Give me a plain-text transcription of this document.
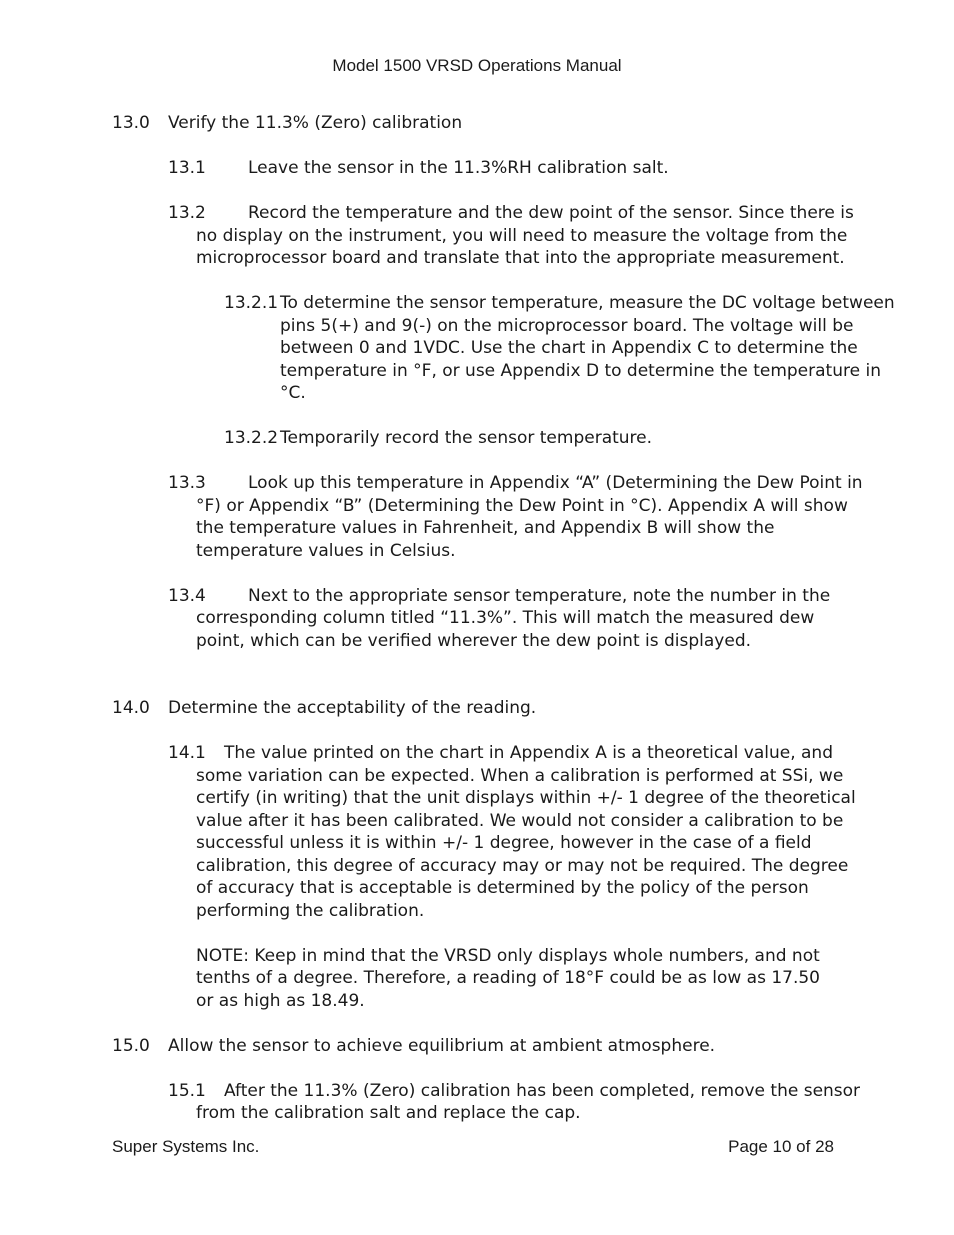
Model 1500 VRSD Operations Manual
13.0	Verify the 11.3% (Zero) calibration
13.1 Leave the sensor in the 11.3%RH calibration salt.
13.2 Record the temperature and the dew point of the sensor. Since there is no display on the instrument, you will need to measure the voltage from the microprocessor board and translate that into the appropriate measurement.
13.2.1 To determine the sensor temperature, measure the DC voltage between pins 5(+) and 9(-) on the microprocessor board. The voltage will be between 0 and 1VDC. Use the chart in Appendix C to determine the temperature in °F, or use Appendix D to determine the temperature in °C.
13.2.2 Temporarily record the sensor temperature.
13.3 Look up this temperature in Appendix “A” (Determining the Dew Point in °F) or Appendix “B” (Determining the Dew Point in °C). Appendix A will show the temperature values in Fahrenheit, and Appendix B will show the temperature values in Celsius.
13.4 Next to the appropriate sensor temperature, note the number in the corresponding column titled “11.3%”. This will match the measured dew point, which can be verified wherever the dew point is displayed.
14.0	Determine the acceptability of the reading.
14.1 The value printed on the chart in Appendix A is a theoretical value, and some variation can be expected. When a calibration is performed at SSi, we certify (in writing) that the unit displays within +/- 1 degree of the theoretical value after it has been calibrated. We would not consider a calibration to be successful unless it is within +/- 1 degree, however in the case of a field calibration, this degree of accuracy may or may not be required. The degree of accuracy that is acceptable is determined by the policy of the person performing the calibration.
NOTE: Keep in mind that the VRSD only displays whole numbers, and not tenths of a degree. Therefore, a reading of 18°F could be as low as 17.50 or as high as 18.49.
15.0	Allow the sensor to achieve equilibrium at ambient atmosphere.
15.1 After the 11.3% (Zero) calibration has been completed, remove the sensor from the calibration salt and replace the cap.
Super Systems Inc.	Page 10 of 28
